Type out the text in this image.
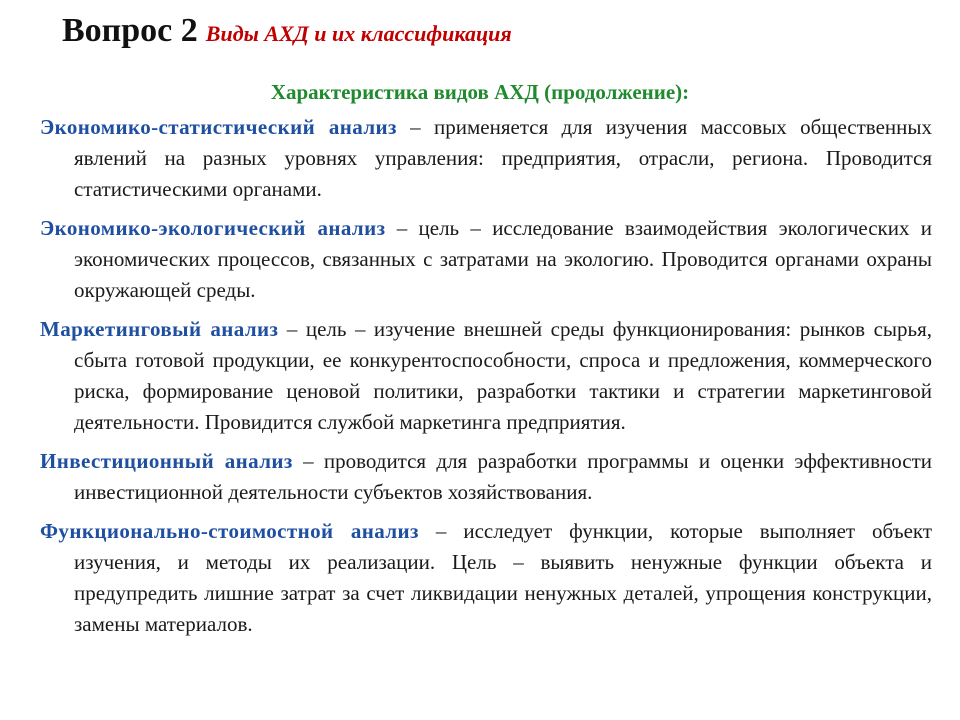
Вопрос 2 Виды АХД и их классификация
Характеристика видов АХД (продолжение):

Экономико-статистический анализ – применяется для изучения массовых общественных явлений на разных уровнях управления: предприятия, отрасли, региона. Проводится статистическими органами.

Экономико-экологический анализ – цель – исследование взаимодействия экологических и экономических процессов, связанных с затратами на экологию. Проводится органами охраны окружающей среды.

Маркетинговый анализ – цель – изучение внешней среды функционирования: рынков сырья, сбыта готовой продукции, ее конкурентоспособности, спроса и предложения, коммерческого риска, формирование ценовой политики, разработки тактики и стратегии маркетинговой деятельности. Провидится службой маркетинга предприятия.

Инвестиционный анализ – проводится для разработки программы и оценки эффективности инвестиционной деятельности субъектов хозяйствования.

Функционально-стоимостной анализ – исследует функции, которые выполняет объект изучения, и методы их реализации. Цель – выявить ненужные функции объекта и предупредить лишние затрат за счет ликвидации ненужных деталей, упрощения конструкции, замены материалов.
